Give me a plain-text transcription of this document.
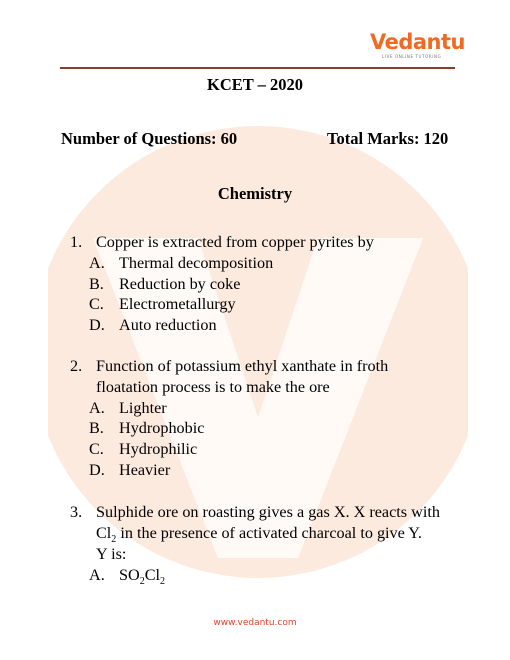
Vedantu
LIVE ONLINE TUTORING
KCET – 2020
Number of Questions: 60	Total Marks: 120
Chemistry
1. Copper is extracted from copper pyrites by
A. Thermal decomposition
B. Reduction by coke
C. Electrometallurgy
D. Auto reduction
2. Function of potassium ethyl xanthate in froth
floatation process is to make the ore
A. Lighter
B. Hydrophobic
C. Hydrophilic
D. Heavier
3. Sulphide ore on roasting gives a gas X. X reacts with
$Cl_2$ in the presence of activated charcoal to give Y.
Y is:
A. $SO_2Cl_2$
www.vedantu.com
